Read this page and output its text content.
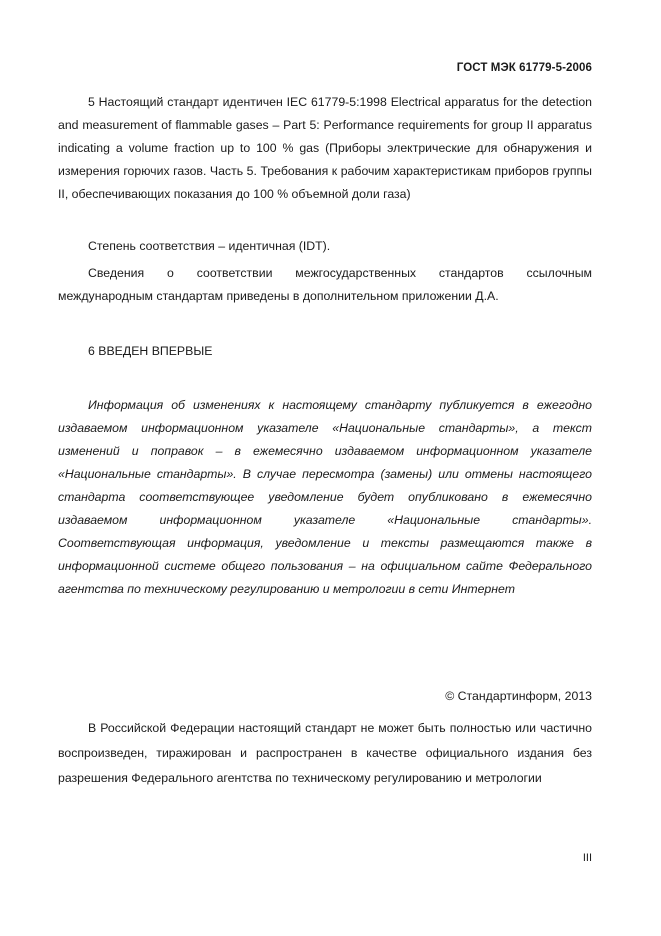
ГОСТ МЭК 61779-5-2006

5 Настоящий стандарт идентичен IEC 61779-5:1998 Electrical apparatus for the detection and measurement of flammable gases – Part 5: Performance requirements for group II apparatus indicating a volume fraction up to 100 % gas (Приборы электрические для обнаружения и измерения горючих газов. Часть 5. Требования к рабочим характеристикам приборов группы II, обеспечивающих показания до 100 % объемной доли газа)

Степень соответствия – идентичная (IDT).

Сведения о соответствии межгосударственных стандартов ссылочным международным стандартам приведены в дополнительном приложении Д.А.

6 ВВЕДЕН ВПЕРВЫЕ

Информация об изменениях к настоящему стандарту публикуется в ежегодно издаваемом информационном указателе «Национальные стандарты», а текст изменений и поправок – в ежемесячно издаваемом информационном указателе «Национальные стандарты». В случае пересмотра (замены) или отмены настоящего стандарта соответствующее уведомление будет опубликовано в ежемесячно издаваемом информационном указателе «Национальные стандарты». Соответствующая информация, уведомление и тексты размещаются также в информационной системе общего пользования – на официальном сайте Федерального агентства по техническому регулированию и метрологии в сети Интернет

© Стандартинформ, 2013

В Российской Федерации настоящий стандарт не может быть полностью или частично воспроизведен, тиражирован и распространен в качестве официального издания без разрешения Федерального агентства по техническому регулированию и метрологии

III
